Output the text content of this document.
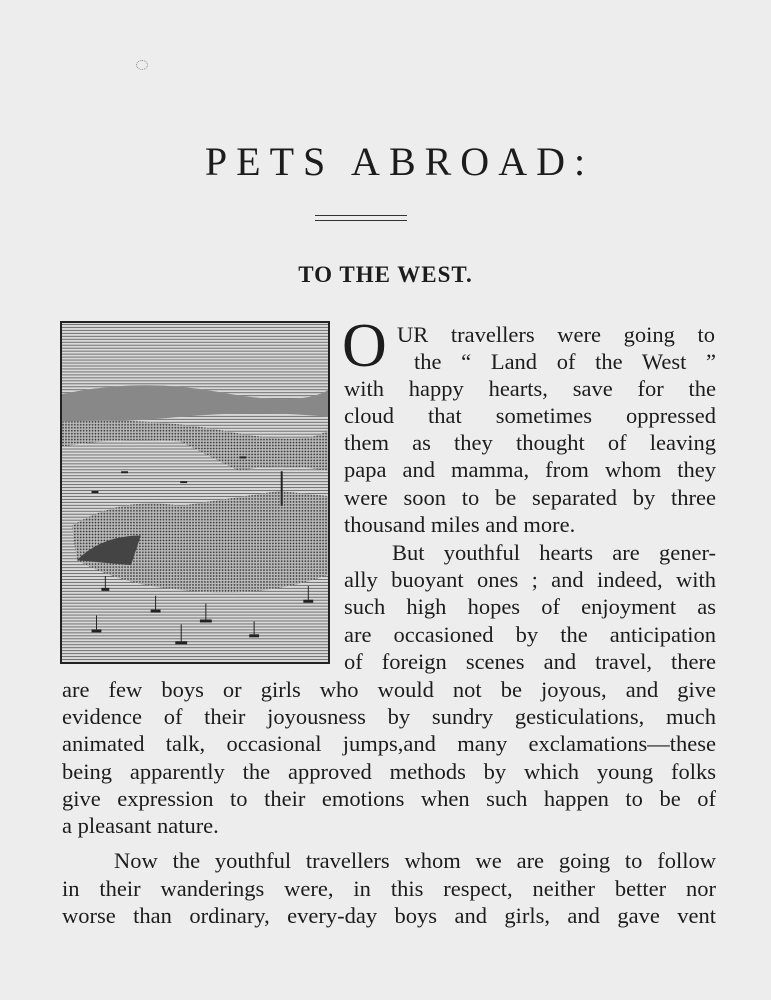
PETS ABROAD:
TO THE WEST.
O UR travellers were going to
the “ Land of the West ”
with happy hearts, save for the
cloud that sometimes oppressed
them as they thought of leaving
papa and mamma, from whom they
were soon to be separated by three
thousand miles and more.
But youthful hearts are gener-
ally buoyant ones ; and indeed, with
such high hopes of enjoyment as
are occasioned by the anticipation
of foreign scenes and travel, there
are few boys or girls who would not be joyous, and give
evidence of their joyousness by sundry gesticulations, much
animated talk, occasional jumps,and many exclamations—these
being apparently the approved methods by which young folks
give expression to their emotions when such happen to be of
a pleasant nature.
Now the youthful travellers whom we are going to follow
in their wanderings were, in this respect, neither better nor
worse than ordinary, every-day boys and girls, and gave vent
